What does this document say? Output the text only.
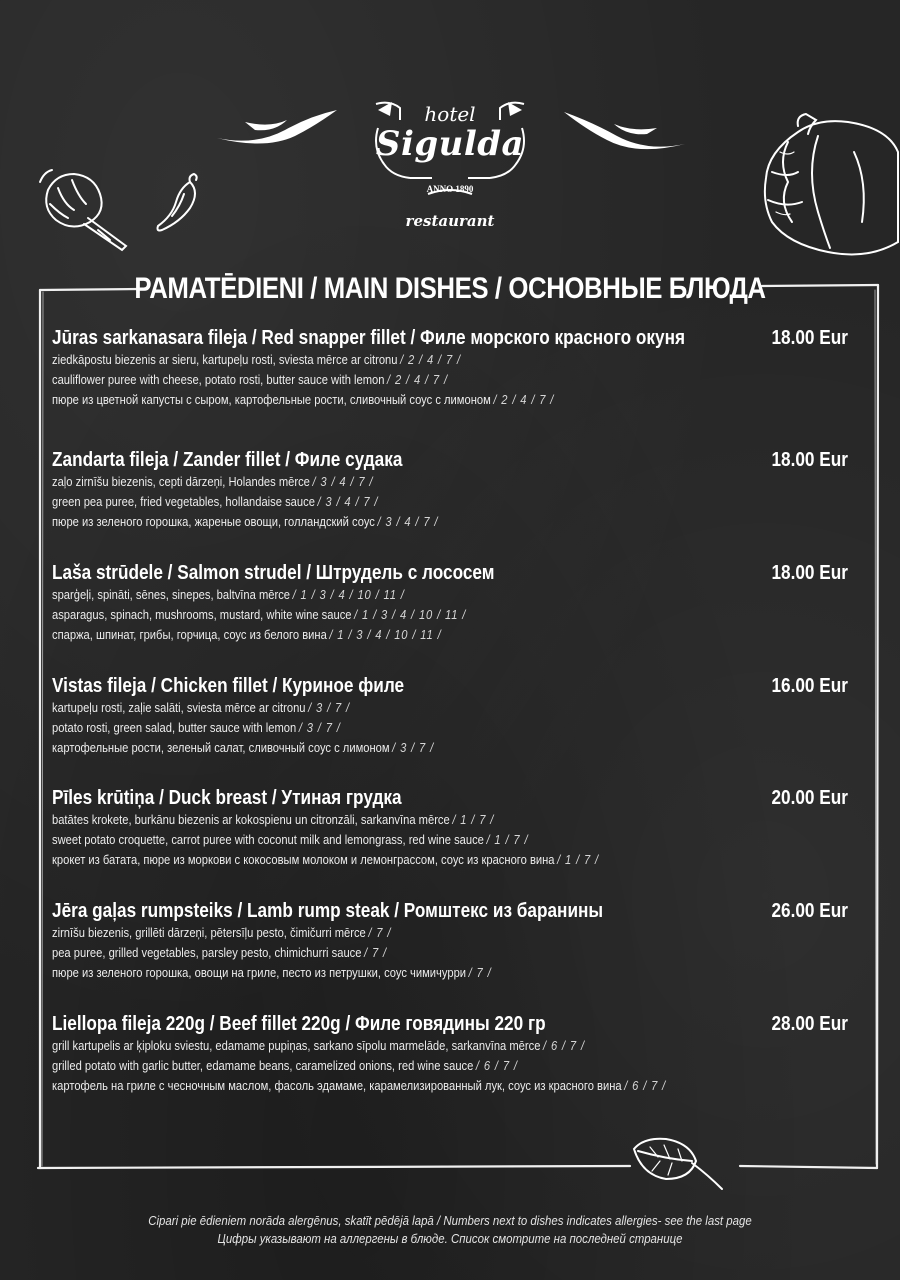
hotel
Sigulda
ANNO 1890
restaurant
PAMATĒDIENI / MAIN DISHES / ОСНОВНЫЕ БЛЮДА
Jūras sarkanasara fileja / Red snapper fillet / Филе морского красного окуня	18.00 Eur
ziedkāpostu biezenis ar sieru, kartupeļu rosti, sviesta mērce ar citronu / 2 / 4 / 7 /
cauliflower puree with cheese, potato rosti, butter sauce with lemon / 2 / 4 / 7 /
пюре из цветной капусты с сыром, картофельные рости, сливочный соус с лимоном / 2 / 4 / 7 /
Zandarta fileja / Zander fillet / Филе судака	18.00 Eur
zaļo zirnīšu biezenis, cepti dārzeņi, Holandes mērce / 3 / 4 / 7 /
green pea puree, fried vegetables, hollandaise sauce / 3 / 4 / 7 /
пюре из зеленого горошка, жареные овощи, голландский соус / 3 / 4 / 7 /
Laša strūdele / Salmon strudel / Штрудель с лососем	18.00 Eur
sparģeļi, spināti, sēnes, sinepes, baltvīna mērce / 1 / 3 / 4 / 10 / 11 /
asparagus, spinach, mushrooms, mustard, white wine sauce / 1 / 3 / 4 / 10 / 11 /
спаржа, шпинат, грибы, горчица, соус из белого вина / 1 / 3 / 4 / 10 / 11 /
Vistas fileja / Chicken fillet / Куриное филе	16.00 Eur
kartupeļu rosti, zaļie salāti, sviesta mērce ar citronu / 3 / 7 /
potato rosti, green salad, butter sauce with lemon / 3 / 7 /
картофельные рости, зеленый салат, сливочный соус с лимоном / 3 / 7 /
Pīles krūtiņa / Duck breast / Утиная грудка	20.00 Eur
batātes krokete, burkānu biezenis ar kokospienu un citronzāli, sarkanvīna mērce / 1 / 7 /
sweet potato croquette, carrot puree with coconut milk and lemongrass, red wine sauce / 1 / 7 /
крокет из батата, пюре из моркови с кокосовым молоком и лемонграссом, соус из красного вина / 1 / 7 /
Jēra gaļas rumpsteiks / Lamb rump steak / Ромштекс из баранины	26.00 Eur
zirnīšu biezenis, grillēti dārzeņi, pētersīļu pesto, čimičurri mērce / 7 /
pea puree, grilled vegetables, parsley pesto, chimichurri sauce / 7 /
пюре из зеленого горошка, овощи на гриле, песто из петрушки, соус чимичурри / 7 /
Liellopa fileja 220g / Beef fillet 220g / Филе говядины 220 гр	28.00 Eur
grill kartupelis ar ķiploku sviestu, edamame pupiņas, sarkano sīpolu marmelāde, sarkanvīna mērce / 6 / 7 /
grilled potato with garlic butter, edamame beans, caramelized onions, red wine sauce / 6 / 7 /
картофель на гриле с чесночным маслом, фасоль эдамаме, карамелизированный лук, соус из красного вина / 6 / 7 /
Cipari pie ēdieniem norāda alergēnus, skatīt pēdējā lapā / Numbers next to dishes indicates allergies- see the last page
Цифры указывают на аллергены в блюде. Список смотрите на последней странице
